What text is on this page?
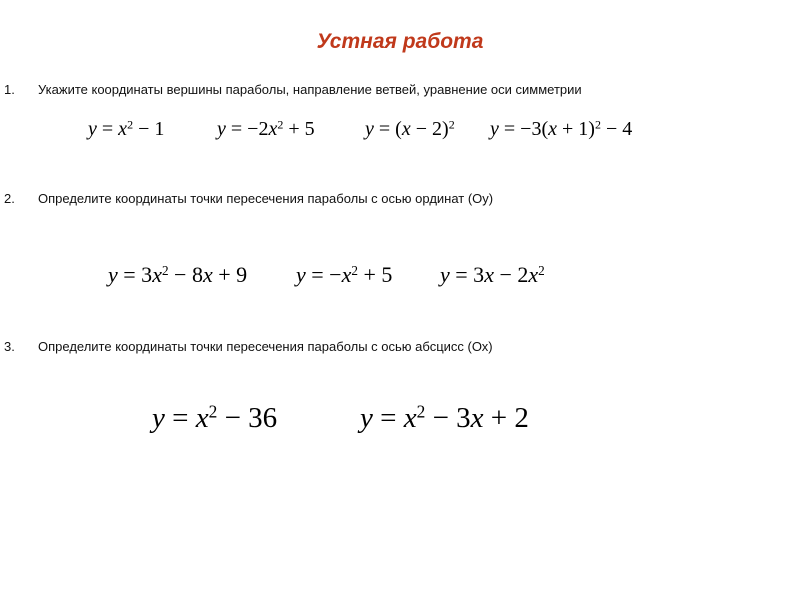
Устная работа
1. Укажите координаты вершины параболы, направление ветвей, уравнение оси симметрии
$y = x^2 - 1$	$y = -2x^2 + 5$	$y = (x - 2)^2$ $y = -3(x + 1)^2 - 4$
2. Определите координаты точки пересечения параболы с осью ординат (Оу)
$y = 3x^2 - 8x + 9$ $y = -x^2 + 5$ $y = 3x - 2x^2$
3. Определите координаты точки пересечения параболы с осью абсцисс (Ох)
$y = x^2 - 36$	$y = x^2 - 3x + 2$
